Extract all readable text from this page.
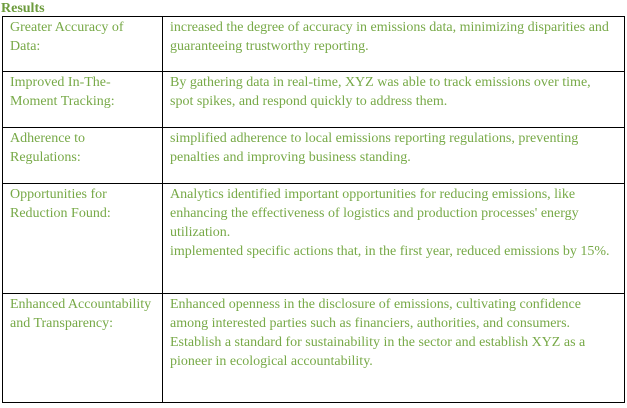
Results
Greater Accuracy of Data:	increased the degree of accuracy in emissions data, minimizing disparities and guaranteeing trustworthy reporting.

Improved In-The-Moment Tracking:	By gathering data in real-time, XYZ was able to track emissions over time, spot spikes, and respond quickly to address them.

Adherence to Regulations:	simplified adherence to local emissions reporting regulations, preventing penalties and improving business standing.

Opportunities for Reduction Found:	Analytics identified important opportunities for reducing emissions, like enhancing the effectiveness of logistics and production processes' energy utilization.
implemented specific actions that, in the first year, reduced emissions by 15%.

Enhanced Accountability and Transparency:	Enhanced openness in the disclosure of emissions, cultivating confidence among interested parties such as financiers, authorities, and consumers.
Establish a standard for sustainability in the sector and establish XYZ as a pioneer in ecological accountability.
